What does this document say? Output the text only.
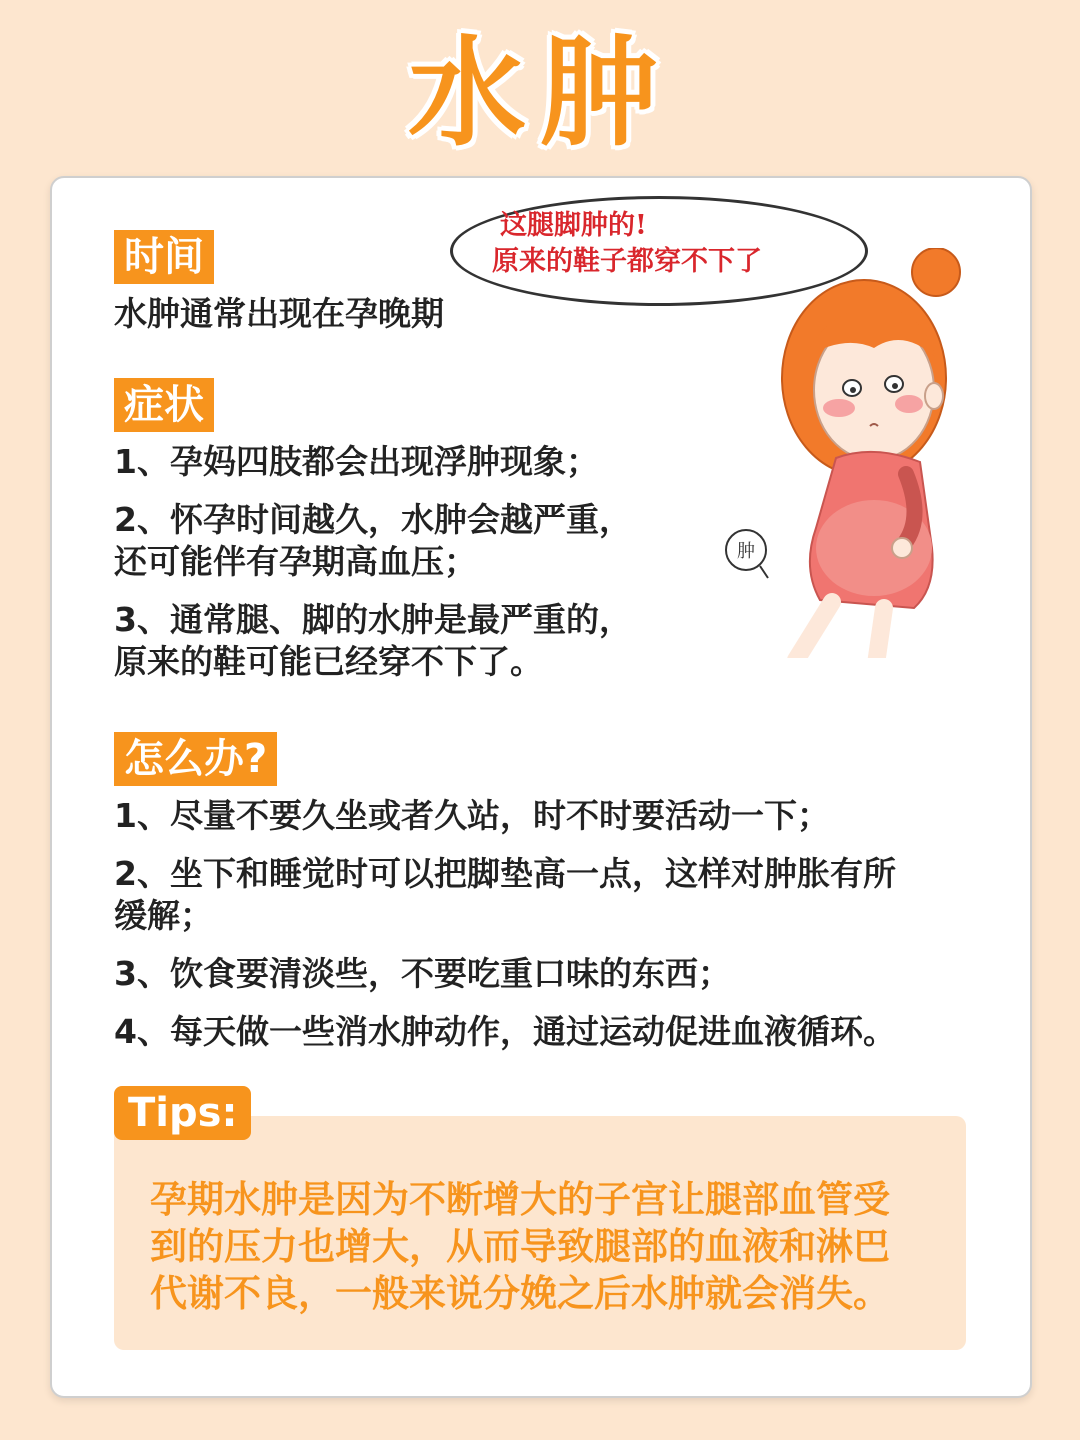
水肿
这腿脚肿的!
原来的鞋子都穿不下了
肿
时间
水肿通常出现在孕晚期
症状
1、孕妈四肢都会出现浮肿现象；
2、怀孕时间越久，水肿会越严重，
还可能伴有孕期高血压；
3、通常腿、脚的水肿是最严重的，
原来的鞋可能已经穿不下了。
怎么办?
1、尽量不要久坐或者久站，时不时要活动一下；
2、坐下和睡觉时可以把脚垫高一点，这样对肿胀有所
缓解；
3、饮食要清淡些，不要吃重口味的东西；
4、每天做一些消水肿动作，通过运动促进血液循环。
Tips:
孕期水肿是因为不断增大的子宫让腿部血管受
到的压力也增大，从而导致腿部的血液和淋巴
代谢不良，一般来说分娩之后水肿就会消失。
